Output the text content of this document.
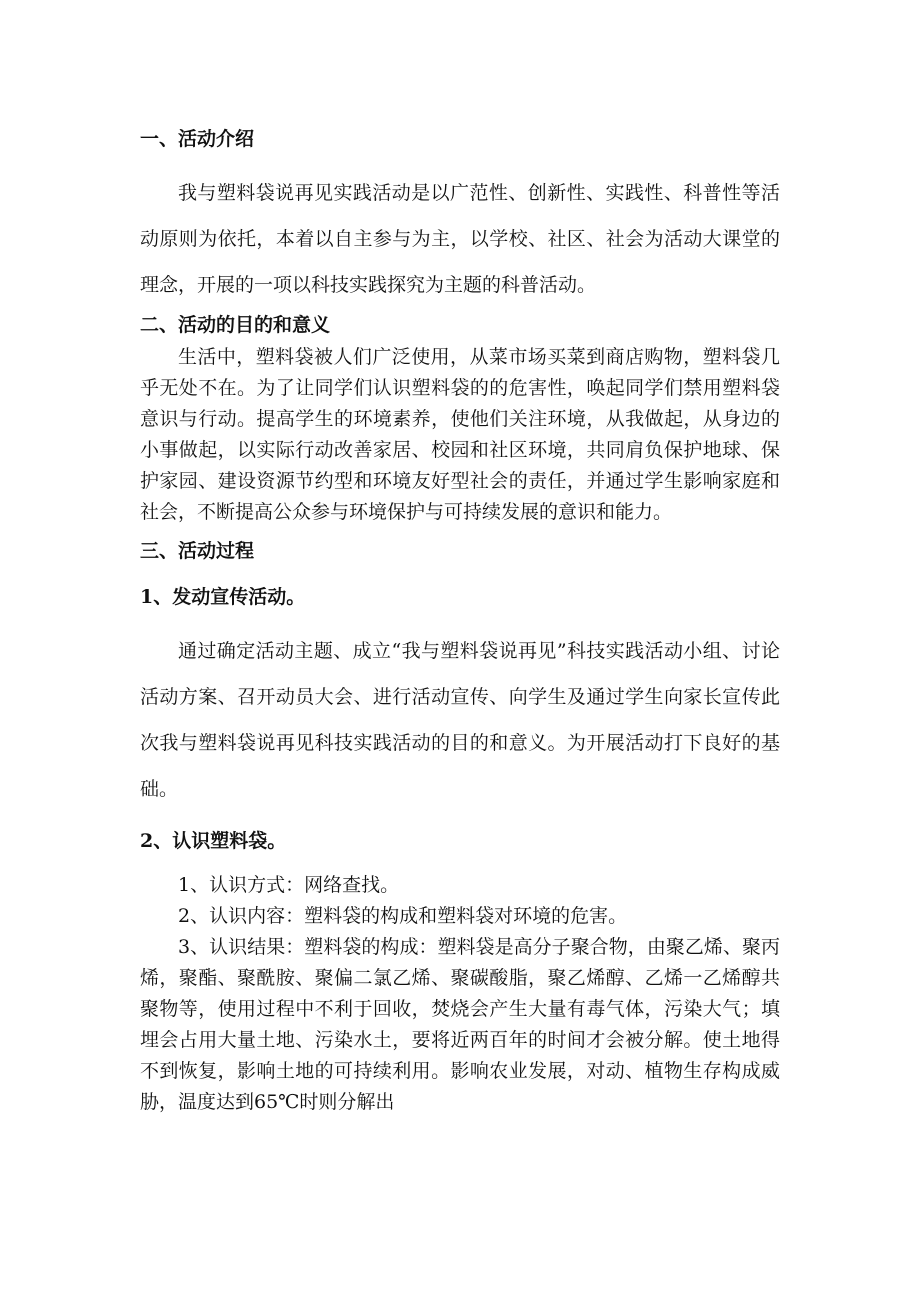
一、活动介绍

我与塑料袋说再见实践活动是以广范性、创新性、实践性、科普性等活动原则为依托，本着以自主参与为主，以学校、社区、社会为活动大课堂的理念，开展的一项以科技实践探究为主题的科普活动。

二、活动的目的和意义

生活中，塑料袋被人们广泛使用，从菜市场买菜到商店购物，塑料袋几乎无处不在。为了让同学们认识塑料袋的的危害性，唤起同学们禁用塑料袋意识与行动。提高学生的环境素养，使他们关注环境，从我做起，从身边的小事做起，以实际行动改善家居、校园和社区环境，共同肩负保护地球、保护家园、建设资源节约型和环境友好型社会的责任，并通过学生影响家庭和社会，不断提高公众参与环境保护与可持续发展的意识和能力。

三、活动过程

1、发动宣传活动。

通过确定活动主题、成立“我与塑料袋说再见”科技实践活动小组、讨论活动方案、召开动员大会、进行活动宣传、向学生及通过学生向家长宣传此次我与塑料袋说再见科技实践活动的目的和意义。为开展活动打下良好的基础。

2、认识塑料袋。

1、认识方式：网络查找。

2、认识内容：塑料袋的构成和塑料袋对环境的危害。

3、认识结果：塑料袋的构成：塑料袋是高分子聚合物，由聚乙烯、聚丙烯，聚酯、聚酰胺、聚偏二氯乙烯、聚碳酸脂，聚乙烯醇、乙烯一乙烯醇共聚物等，使用过程中不利于回收，焚烧会产生大量有毒气体，污染大气；填埋会占用大量土地、污染水土，要将近两百年的时间才会被分解。使土地得不到恢复，影响土地的可持续利用。影响农业发展，对动、植物生存构成威胁，温度达到65℃时则分解出
